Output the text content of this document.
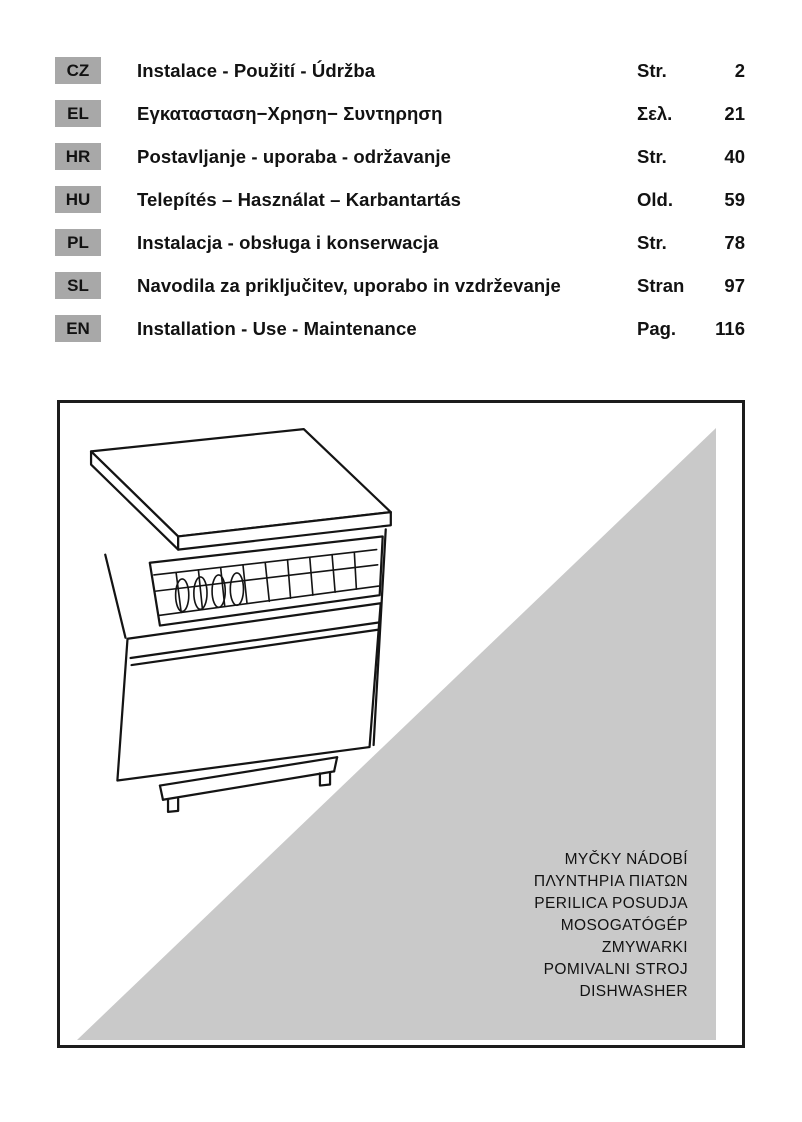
CZ	Instalace - Použití - Údržba	Str.	2
EL	Εγκατασταση−Χρηση− Συντηρηση	Σελ.	21
HR	Postavljanje - uporaba - održavanje	Str.	40
HU	Telepítés – Használat – Karbantartás	Old.	59
PL	Instalacja - obsługa i konserwacja	Str.	78
SL	Navodila za priključitev, uporabo in vzdrževanje	Stran	97
EN	Installation - Use - Maintenance	Pag.	116
MYČKY NÁDOBÍ
ΠΛΥΝΤΗΡΙΑ ΠΙΑΤΩΝ
PERILICA POSUDJA
MOSOGATÓGÉP
ZMYWARKI
POMIVALNI STROJ
DISHWASHER
